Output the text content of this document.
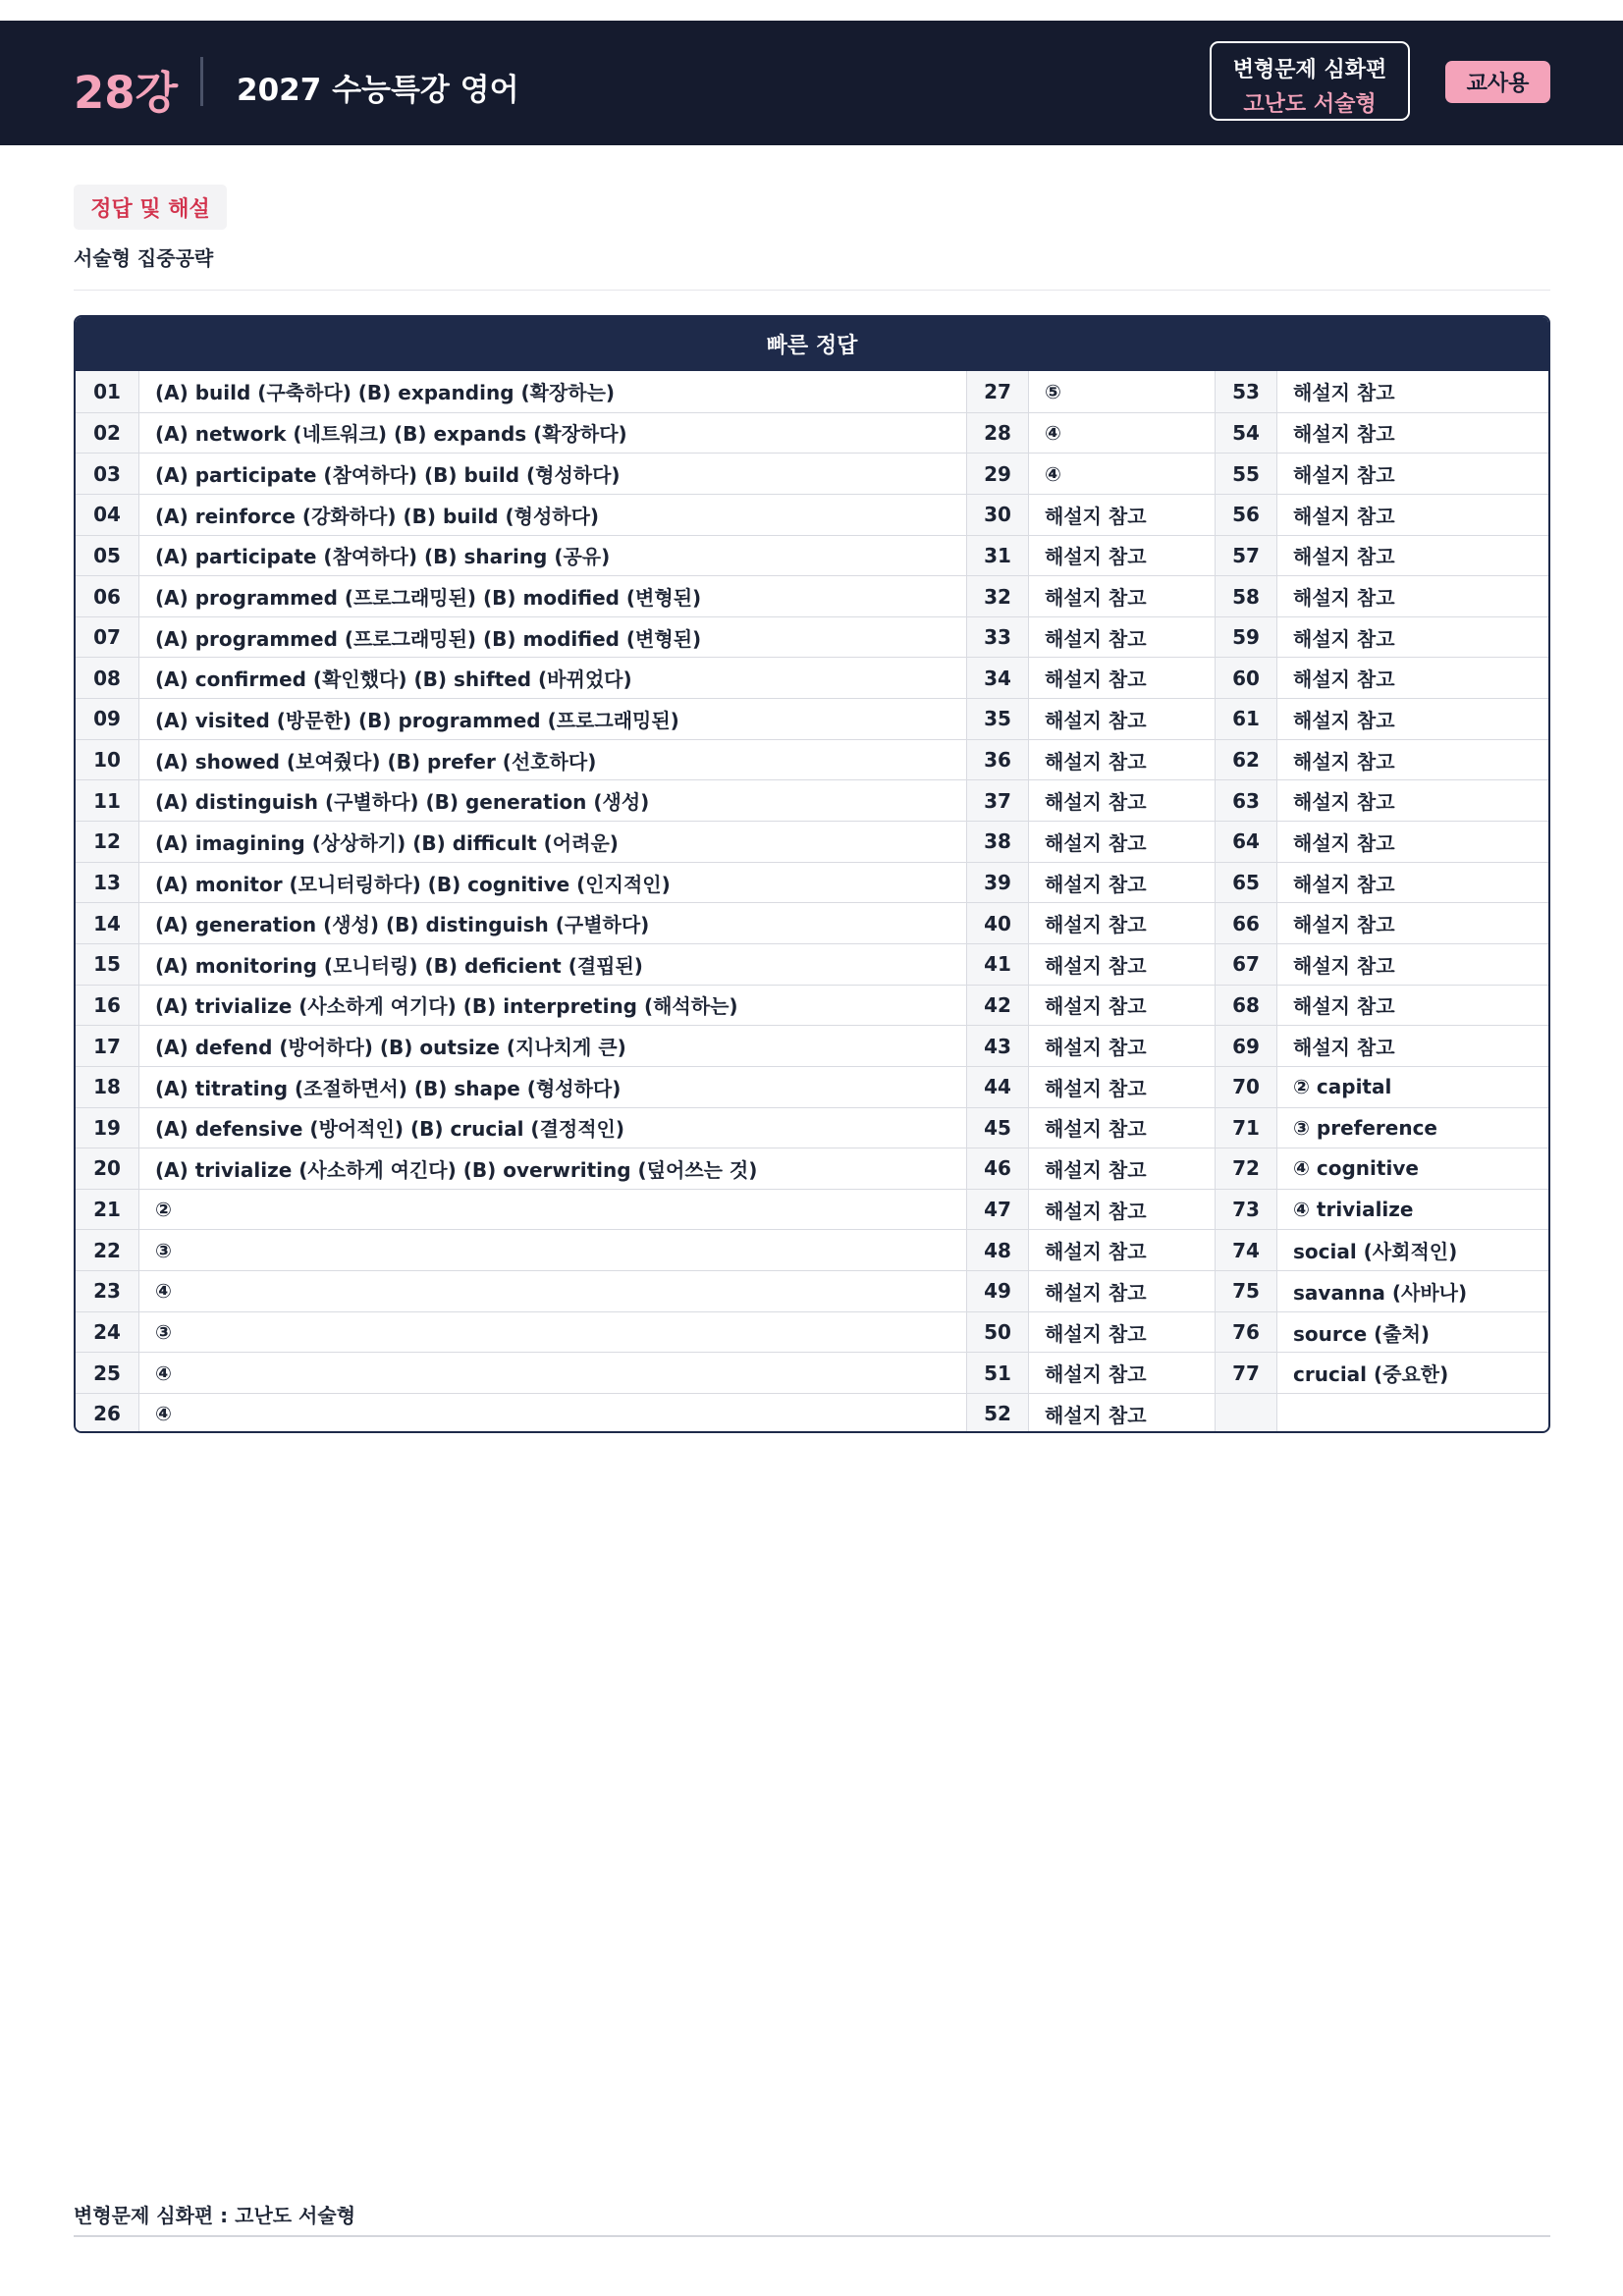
28강 2027 수능특강 영어
변형문제 심화편
고난도 서술형
교사용
정답 및 해설
서술형 집중공략
빠른 정답
01	(A) build (구축하다) (B) expanding (확장하는)	27	⑤	53	해설지 참고
02	(A) network (네트워크) (B) expands (확장하다)	28	④	54	해설지 참고
03	(A) participate (참여하다) (B) build (형성하다)	29	④	55	해설지 참고
04	(A) reinforce (강화하다) (B) build (형성하다)	30	해설지 참고	56	해설지 참고
05	(A) participate (참여하다) (B) sharing (공유)	31	해설지 참고	57	해설지 참고
06	(A) programmed (프로그래밍된) (B) modified (변형된)	32	해설지 참고	58	해설지 참고
07	(A) programmed (프로그래밍된) (B) modified (변형된)	33	해설지 참고	59	해설지 참고
08	(A) confirmed (확인했다) (B) shifted (바뀌었다)	34	해설지 참고	60	해설지 참고
09	(A) visited (방문한) (B) programmed (프로그래밍된)	35	해설지 참고	61	해설지 참고
10	(A) showed (보여줬다) (B) prefer (선호하다)	36	해설지 참고	62	해설지 참고
11	(A) distinguish (구별하다) (B) generation (생성)	37	해설지 참고	63	해설지 참고
12	(A) imagining (상상하기) (B) difficult (어려운)	38	해설지 참고	64	해설지 참고
13	(A) monitor (모니터링하다) (B) cognitive (인지적인)	39	해설지 참고	65	해설지 참고
14	(A) generation (생성) (B) distinguish (구별하다)	40	해설지 참고	66	해설지 참고
15	(A) monitoring (모니터링) (B) deficient (결핍된)	41	해설지 참고	67	해설지 참고
16	(A) trivialize (사소하게 여기다) (B) interpreting (해석하는)	42	해설지 참고	68	해설지 참고
17	(A) defend (방어하다) (B) outsize (지나치게 큰)	43	해설지 참고	69	해설지 참고
18	(A) titrating (조절하면서) (B) shape (형성하다)	44	해설지 참고	70	② capital
19	(A) defensive (방어적인) (B) crucial (결정적인)	45	해설지 참고	71	③ preference
20	(A) trivialize (사소하게 여긴다) (B) overwriting (덮어쓰는 것)	46	해설지 참고	72	④ cognitive
21	②	47	해설지 참고	73	④ trivialize
22	③	48	해설지 참고	74	social (사회적인)
23	④	49	해설지 참고	75	savanna (사바나)
24	③	50	해설지 참고	76	source (출처)
25	④	51	해설지 참고	77	crucial (중요한)
26	④	52	해설지 참고
변형문제 심화편 : 고난도 서술형
